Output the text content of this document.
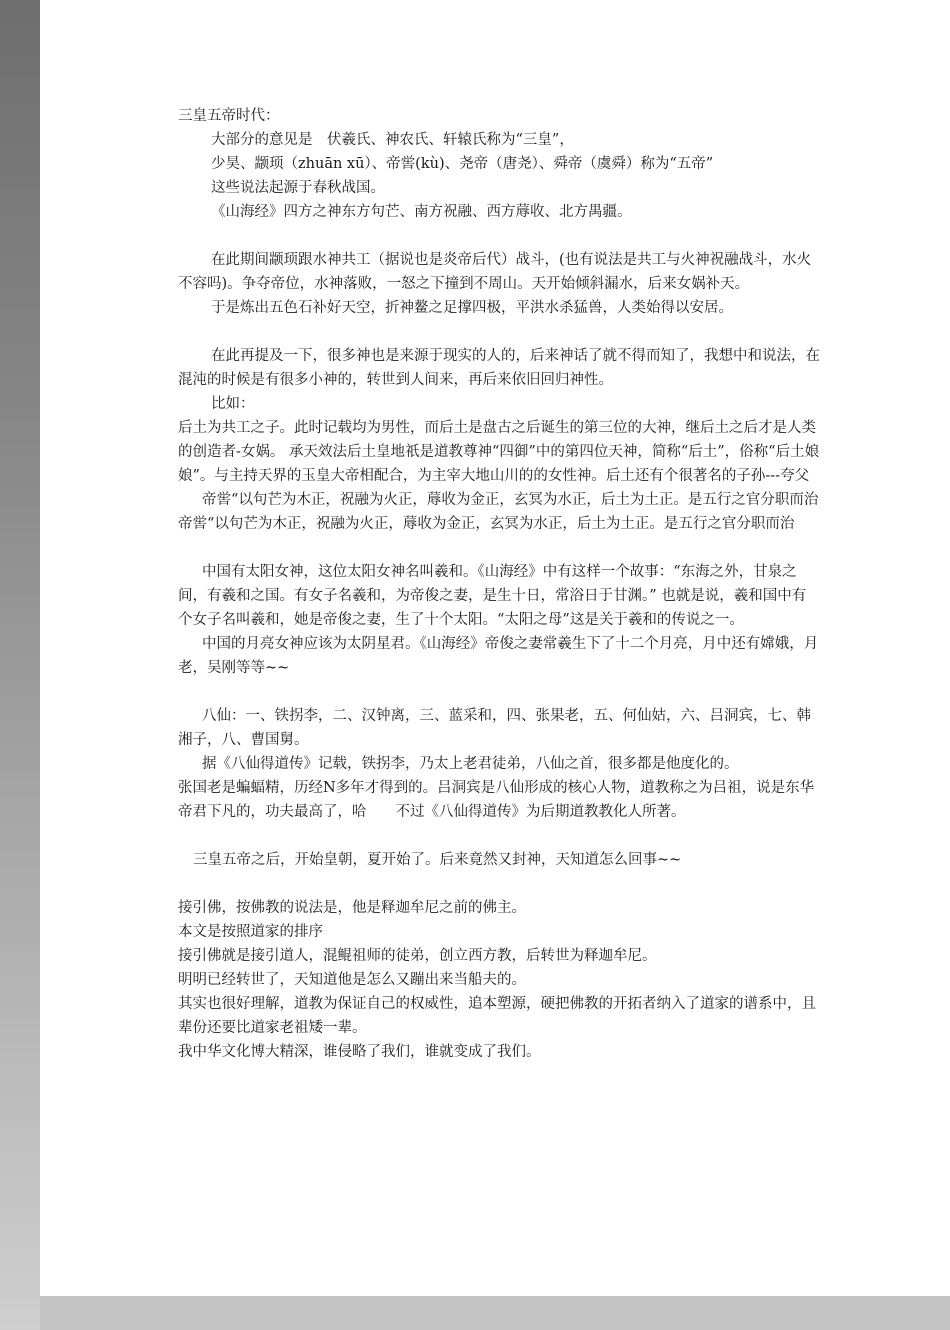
三皇五帝时代：

大部分的意见是　伏羲氏、神农氏、轩辕氏称为“三皇”，

少昊、颛顼（zhuān xū）、帝喾(kù)、尧帝（唐尧）、舜帝（虞舜）称为“五帝”

这些说法起源于春秋战国。

《山海经》四方之神东方句芒、南方祝融、西方蓐收、北方禺疆。

在此期间颛顼跟水神共工（据说也是炎帝后代）战斗，(也有说法是共工与火神祝融战斗，水火不容吗)。争夺帝位，水神落败，一怒之下撞到不周山。天开始倾斜漏水，后来女娲补天。

于是炼出五色石补好天空，折神鳌之足撑四极，平洪水杀猛兽，人类始得以安居。

在此再提及一下，很多神也是来源于现实的人的，后来神话了就不得而知了，我想中和说法，在混沌的时候是有很多小神的，转世到人间来，再后来依旧回归神性。

比如：

后土为共工之子。此时记载均为男性，而后土是盘古之后诞生的第三位的大神，继后土之后才是人类的创造者-女娲。 承天效法后土皇地祇是道教尊神“四御”中的第四位天神，简称“后土”，俗称“后土娘娘”。与主持天界的玉皇大帝相配合，为主宰大地山川的的女性神。后土还有个很著名的子孙---夸父

帝喾“以句芒为木正，祝融为火正，蓐收为金正，玄冥为水正，后土为土正。是五行之官分职而治帝喾“以句芒为木正，祝融为火正，蓐收为金正，玄冥为水正，后土为土正。是五行之官分职而治

中国有太阳女神，这位太阳女神名叫羲和。《山海经》中有这样一个故事：“东海之外，甘泉之间，有羲和之国。有女子名羲和，为帝俊之妻，是生十日，常浴日于甘渊。” 也就是说，羲和国中有个女子名叫羲和，她是帝俊之妻，生了十个太阳。“太阳之母”这是关于羲和的传说之一。

中国的月亮女神应该为太阴星君。《山海经》帝俊之妻常羲生下了十二个月亮，月中还有嫦娥，月老，吴刚等等~~

八仙：一、铁拐李，二、汉钟离，三、蓝采和，四、张果老，五、何仙姑，六、吕洞宾，七、韩湘子，八、曹国舅。

据《八仙得道传》记载，铁拐李，乃太上老君徒弟，八仙之首，很多都是他度化的。

张国老是蝙蝠精，历经N多年才得到的。吕洞宾是八仙形成的核心人物，道教称之为吕祖，说是东华帝君下凡的，功夫最高了，哈　　不过《八仙得道传》为后期道教教化人所著。

三皇五帝之后，开始皇朝，夏开始了。后来竟然又封神，天知道怎么回事~~

接引佛，按佛教的说法是，他是释迦牟尼之前的佛主。

本文是按照道家的排序

接引佛就是接引道人，混鲲祖师的徒弟，创立西方教，后转世为释迦牟尼。

明明已经转世了，天知道他是怎么又蹦出来当船夫的。

其实也很好理解，道教为保证自己的权威性，追本塑源，硬把佛教的开拓者纳入了道家的谱系中，且辈份还要比道家老祖矮一辈。

我中华文化博大精深，谁侵略了我们，谁就变成了我们。
